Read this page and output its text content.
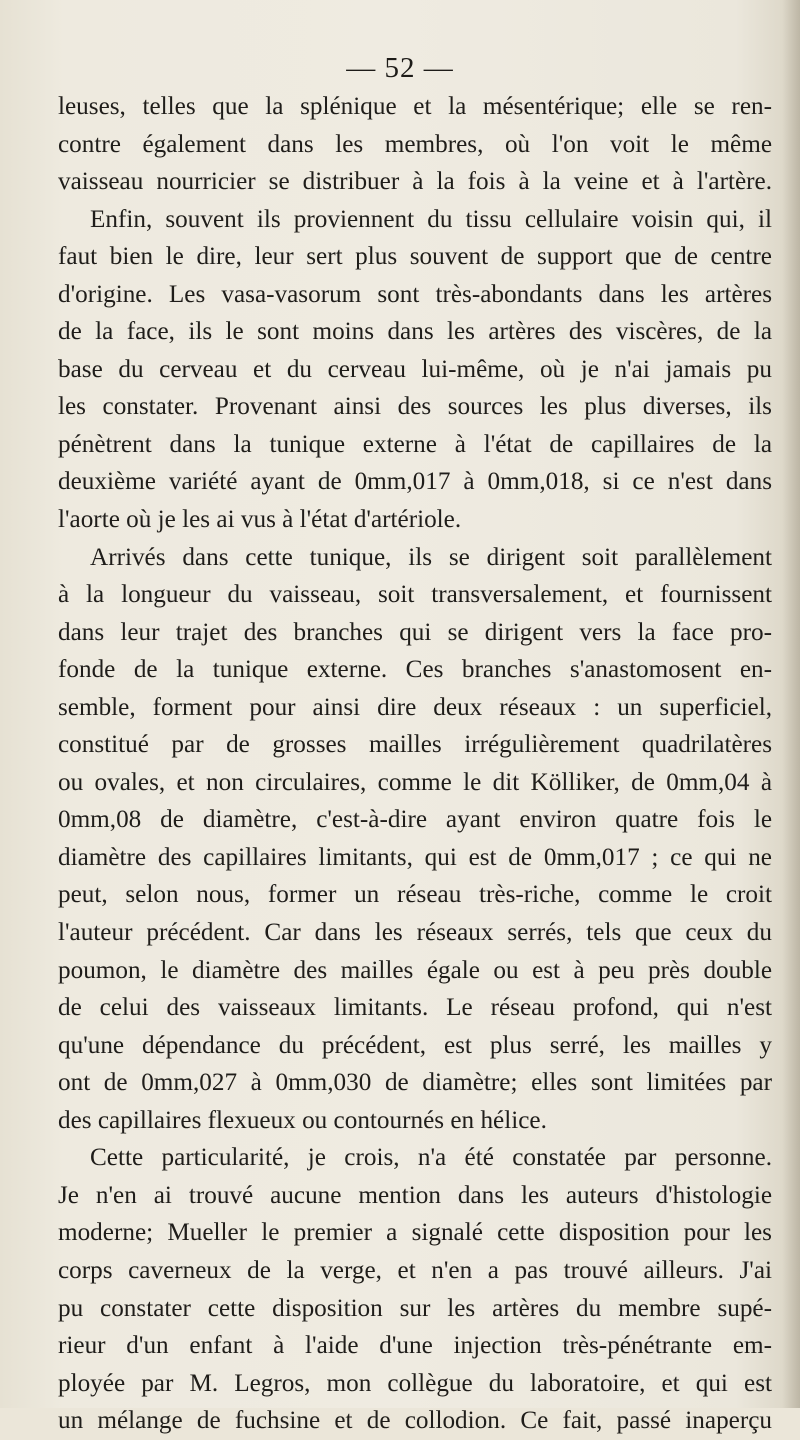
— 52 —
leuses, telles que la splénique et la mésentérique; elle se ren-
contre également dans les membres, où l'on voit le même
vaisseau nourricier se distribuer à la fois à la veine et à l'artère.
Enfin, souvent ils proviennent du tissu cellulaire voisin qui, il
faut bien le dire, leur sert plus souvent de support que de centre
d'origine. Les vasa-vasorum sont très-abondants dans les artères
de la face, ils le sont moins dans les artères des viscères, de la
base du cerveau et du cerveau lui-même, où je n'ai jamais pu
les constater. Provenant ainsi des sources les plus diverses, ils
pénètrent dans la tunique externe à l'état de capillaires de la
deuxième variété ayant de 0mm,017 à 0mm,018, si ce n'est dans
l'aorte où je les ai vus à l'état d'artériole.
Arrivés dans cette tunique, ils se dirigent soit parallèlement
à la longueur du vaisseau, soit transversalement, et fournissent
dans leur trajet des branches qui se dirigent vers la face pro-
fonde de la tunique externe. Ces branches s'anastomosent en-
semble, forment pour ainsi dire deux réseaux : un superficiel,
constitué par de grosses mailles irrégulièrement quadrilatères
ou ovales, et non circulaires, comme le dit Kölliker, de 0mm,04 à
0mm,08 de diamètre, c'est-à-dire ayant environ quatre fois le
diamètre des capillaires limitants, qui est de 0mm,017 ; ce qui ne
peut, selon nous, former un réseau très-riche, comme le croit
l'auteur précédent. Car dans les réseaux serrés, tels que ceux du
poumon, le diamètre des mailles égale ou est à peu près double
de celui des vaisseaux limitants. Le réseau profond, qui n'est
qu'une dépendance du précédent, est plus serré, les mailles y
ont de 0mm,027 à 0mm,030 de diamètre; elles sont limitées par
des capillaires flexueux ou contournés en hélice.
Cette particularité, je crois, n'a été constatée par personne.
Je n'en ai trouvé aucune mention dans les auteurs d'histologie
moderne; Mueller le premier a signalé cette disposition pour les
corps caverneux de la verge, et n'en a pas trouvé ailleurs. J'ai
pu constater cette disposition sur les artères du membre supé-
rieur d'un enfant à l'aide d'une injection très-pénétrante em-
ployée par M. Legros, mon collègue du laboratoire, et qui est
un mélange de fuchsine et de collodion. Ce fait, passé inaperçu
